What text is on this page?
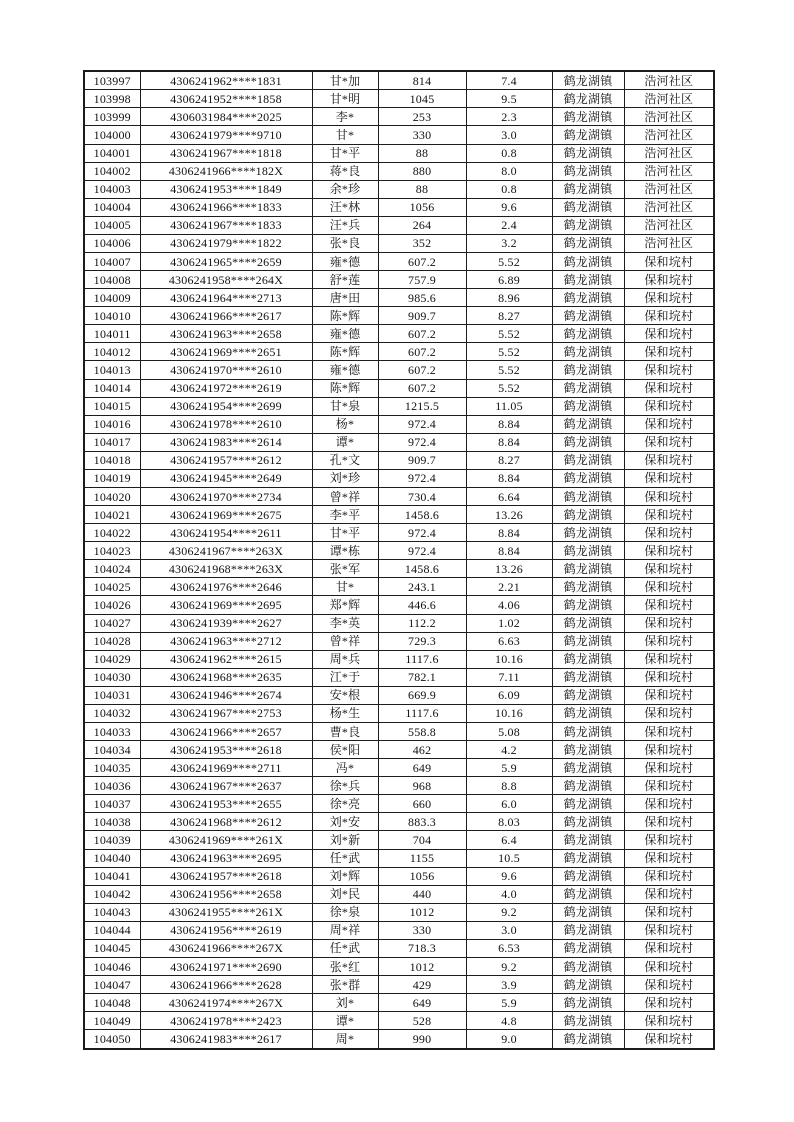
103997	4306241962****1831	甘*加	814	7.4	鹤龙湖镇	浩河社区
103998	4306241952****1858	甘*明	1045	9.5	鹤龙湖镇	浩河社区
103999	4306031984****2025	李*	253	2.3	鹤龙湖镇	浩河社区
104000	4306241979****9710	甘*	330	3.0	鹤龙湖镇	浩河社区
104001	4306241967****1818	甘*平	88	0.8	鹤龙湖镇	浩河社区
104002	4306241966****182X	蒋*良	880	8.0	鹤龙湖镇	浩河社区
104003	4306241953****1849	余*珍	88	0.8	鹤龙湖镇	浩河社区
104004	4306241966****1833	汪*林	1056	9.6	鹤龙湖镇	浩河社区
104005	4306241967****1833	汪*兵	264	2.4	鹤龙湖镇	浩河社区
104006	4306241979****1822	张*良	352	3.2	鹤龙湖镇	浩河社区
104007	4306241965****2659	雍*德	607.2	5.52	鹤龙湖镇	保和垸村
104008	4306241958****264X	舒*莲	757.9	6.89	鹤龙湖镇	保和垸村
104009	4306241964****2713	唐*田	985.6	8.96	鹤龙湖镇	保和垸村
104010	4306241966****2617	陈*辉	909.7	8.27	鹤龙湖镇	保和垸村
104011	4306241963****2658	雍*德	607.2	5.52	鹤龙湖镇	保和垸村
104012	4306241969****2651	陈*辉	607.2	5.52	鹤龙湖镇	保和垸村
104013	4306241970****2610	雍*德	607.2	5.52	鹤龙湖镇	保和垸村
104014	4306241972****2619	陈*辉	607.2	5.52	鹤龙湖镇	保和垸村
104015	4306241954****2699	甘*泉	1215.5	11.05	鹤龙湖镇	保和垸村
104016	4306241978****2610	杨*	972.4	8.84	鹤龙湖镇	保和垸村
104017	4306241983****2614	谭*	972.4	8.84	鹤龙湖镇	保和垸村
104018	4306241957****2612	孔*文	909.7	8.27	鹤龙湖镇	保和垸村
104019	4306241945****2649	刘*珍	972.4	8.84	鹤龙湖镇	保和垸村
104020	4306241970****2734	曾*祥	730.4	6.64	鹤龙湖镇	保和垸村
104021	4306241969****2675	李*平	1458.6	13.26	鹤龙湖镇	保和垸村
104022	4306241954****2611	甘*平	972.4	8.84	鹤龙湖镇	保和垸村
104023	4306241967****263X	谭*栋	972.4	8.84	鹤龙湖镇	保和垸村
104024	4306241968****263X	张*军	1458.6	13.26	鹤龙湖镇	保和垸村
104025	4306241976****2646	甘*	243.1	2.21	鹤龙湖镇	保和垸村
104026	4306241969****2695	郑*辉	446.6	4.06	鹤龙湖镇	保和垸村
104027	4306241939****2627	李*英	112.2	1.02	鹤龙湖镇	保和垸村
104028	4306241963****2712	曾*祥	729.3	6.63	鹤龙湖镇	保和垸村
104029	4306241962****2615	周*兵	1117.6	10.16	鹤龙湖镇	保和垸村
104030	4306241968****2635	江*于	782.1	7.11	鹤龙湖镇	保和垸村
104031	4306241946****2674	安*根	669.9	6.09	鹤龙湖镇	保和垸村
104032	4306241967****2753	杨*生	1117.6	10.16	鹤龙湖镇	保和垸村
104033	4306241966****2657	曹*良	558.8	5.08	鹤龙湖镇	保和垸村
104034	4306241953****2618	侯*阳	462	4.2	鹤龙湖镇	保和垸村
104035	4306241969****2711	冯*	649	5.9	鹤龙湖镇	保和垸村
104036	4306241967****2637	徐*兵	968	8.8	鹤龙湖镇	保和垸村
104037	4306241953****2655	徐*亮	660	6.0	鹤龙湖镇	保和垸村
104038	4306241968****2612	刘*安	883.3	8.03	鹤龙湖镇	保和垸村
104039	4306241969****261X	刘*新	704	6.4	鹤龙湖镇	保和垸村
104040	4306241963****2695	任*武	1155	10.5	鹤龙湖镇	保和垸村
104041	4306241957****2618	刘*辉	1056	9.6	鹤龙湖镇	保和垸村
104042	4306241956****2658	刘*民	440	4.0	鹤龙湖镇	保和垸村
104043	4306241955****261X	徐*泉	1012	9.2	鹤龙湖镇	保和垸村
104044	4306241956****2619	周*祥	330	3.0	鹤龙湖镇	保和垸村
104045	4306241966****267X	任*武	718.3	6.53	鹤龙湖镇	保和垸村
104046	4306241971****2690	张*红	1012	9.2	鹤龙湖镇	保和垸村
104047	4306241966****2628	张*群	429	3.9	鹤龙湖镇	保和垸村
104048	4306241974****267X	刘*	649	5.9	鹤龙湖镇	保和垸村
104049	4306241978****2423	谭*	528	4.8	鹤龙湖镇	保和垸村
104050	4306241983****2617	周*	990	9.0	鹤龙湖镇	保和垸村
